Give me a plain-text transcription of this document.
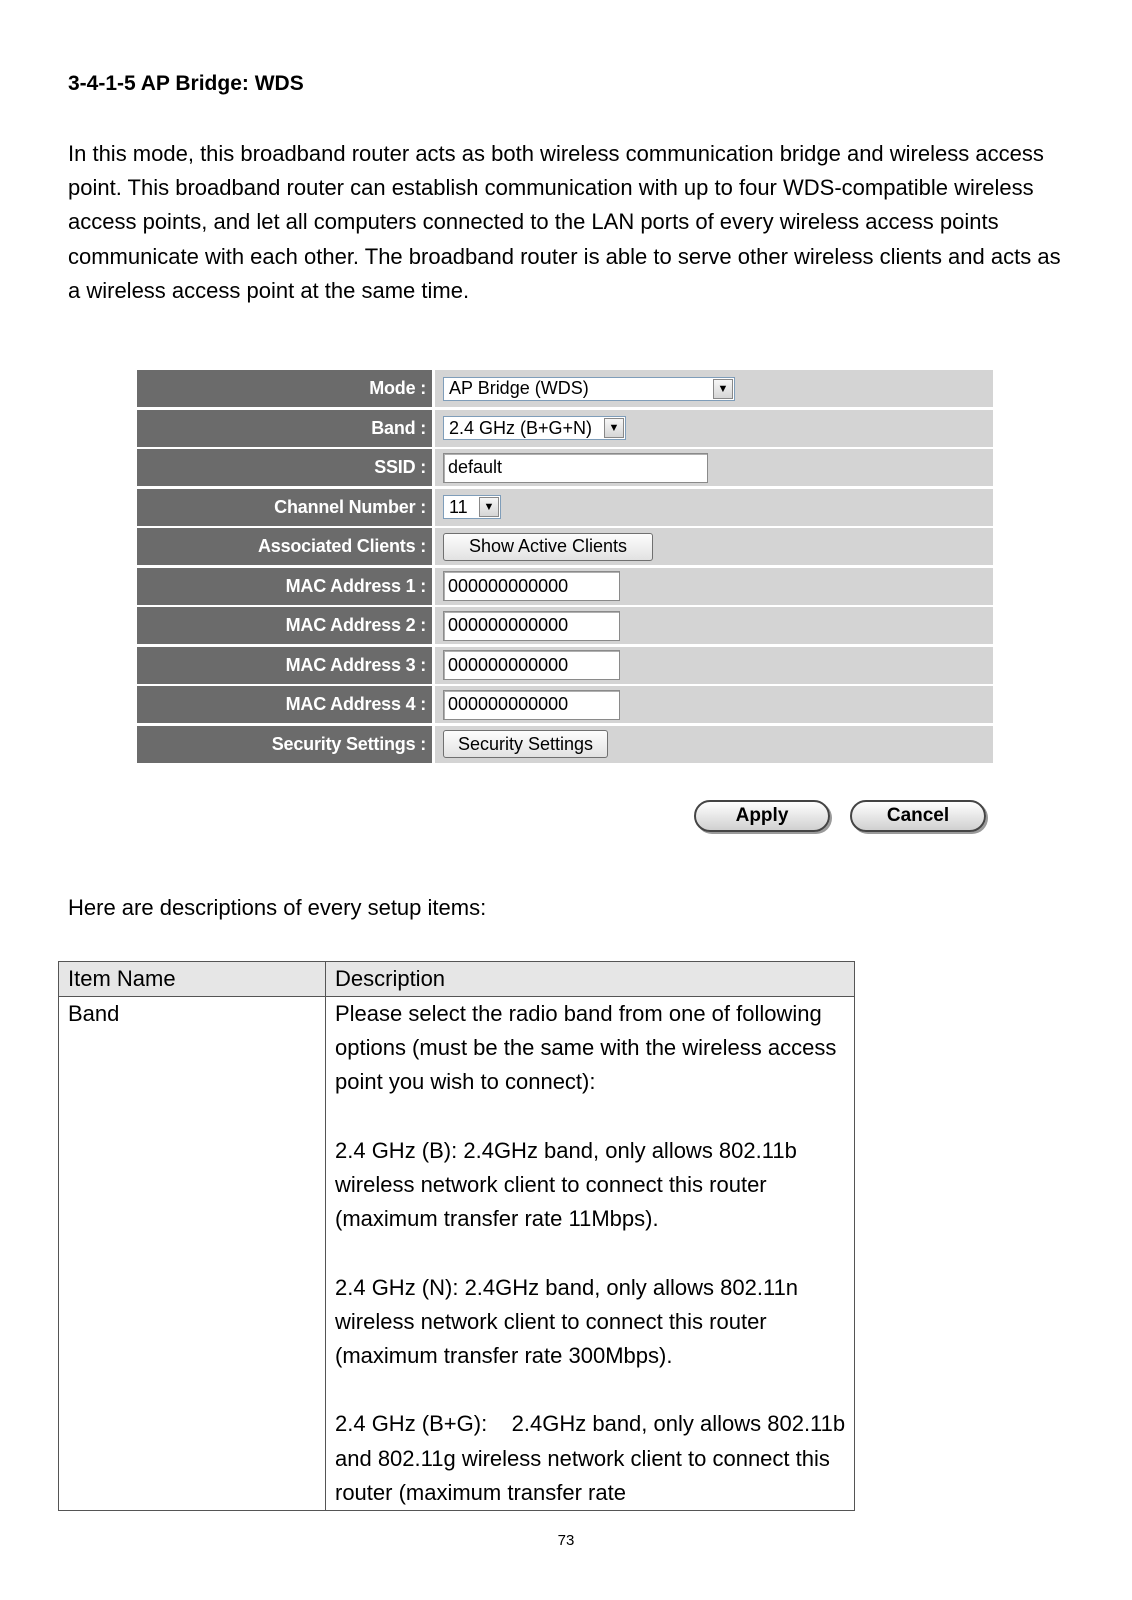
3-4-1-5 AP Bridge: WDS

In this mode, this broadband router acts as both wireless communication bridge and wireless access point. This broadband router can establish communication with up to four WDS-compatible wireless access points, and let all computers connected to the LAN ports of every wireless access points communicate with each other. The broadband router is able to serve other wireless clients and acts as a wireless access point at the same time.

Mode :	AP Bridge (WDS)	▼
Band :	2.4 GHz (B+G+N)	▼
SSID :	default
Channel Number :	11	▼
Associated Clients :	Show Active Clients
MAC Address 1 :	000000000000
MAC Address 2 :	000000000000
MAC Address 3 :	000000000000
MAC Address 4 :	000000000000
Security Settings :	Security Settings
Apply	Cancel

Here are descriptions of every setup items:

Item Name	Description
Band	Please select the radio band from one of following options (must be the same with the wireless access point you wish to connect):

2.4 GHz (B): 2.4GHz band, only allows 802.11b wireless network client to connect this router (maximum transfer rate 11Mbps).

2.4 GHz (N): 2.4GHz band, only allows 802.11n wireless network client to connect this router (maximum transfer rate 300Mbps).

2.4 GHz (B+G):    2.4GHz band, only allows 802.11b and 802.11g wireless network client to connect this router (maximum transfer rate

73
